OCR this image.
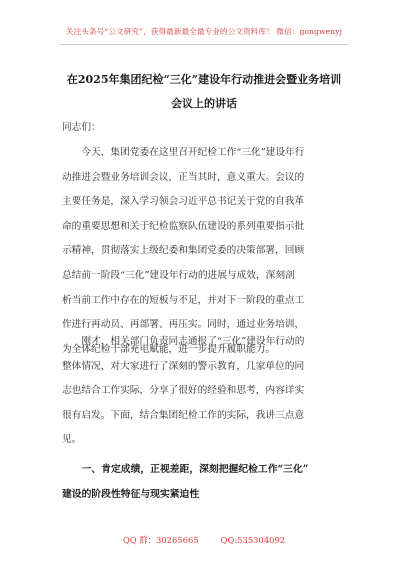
关注头条号“公文研究”，获得最新最全最专业的公文资料库！ 微信：gongwenyj
在2025年集团纪检“三化”建设年行动推进会暨业务培训
会议上的讲话
同志们：
　　今天，集团党委在这里召开纪检工作“三化”建设年行
动推进会暨业务培训会议，正当其时，意义重大。会议的
主要任务是，深入学习领会习近平总书记关于党的自我革
命的重要思想和关于纪检监察队伍建设的系列重要指示批
示精神，贯彻落实上级纪委和集团党委的决策部署，回顾
总结前一阶段“三化”建设年行动的进展与成效，深刻剖
析当前工作中存在的短板与不足，并对下一阶段的重点工
作进行再动员、再部署、再压实。同时，通过业务培训，
为全体纪检干部充电赋能，进一步提升履职能力。
　　刚才，相关部门负责同志通报了“三化”建设年行动的
整体情况，对大家进行了深刻的警示教育，几家单位的同
志也结合工作实际，分享了很好的经验和思考，内容详实
很有启发。下面，结合集团纪检工作的实际，我讲三点意
见。
　　一、肯定成绩，正视差距，深刻把握纪检工作“三化”
建设的阶段性特征与现实紧迫性
QQ 群：30265665	QQ:535304092
